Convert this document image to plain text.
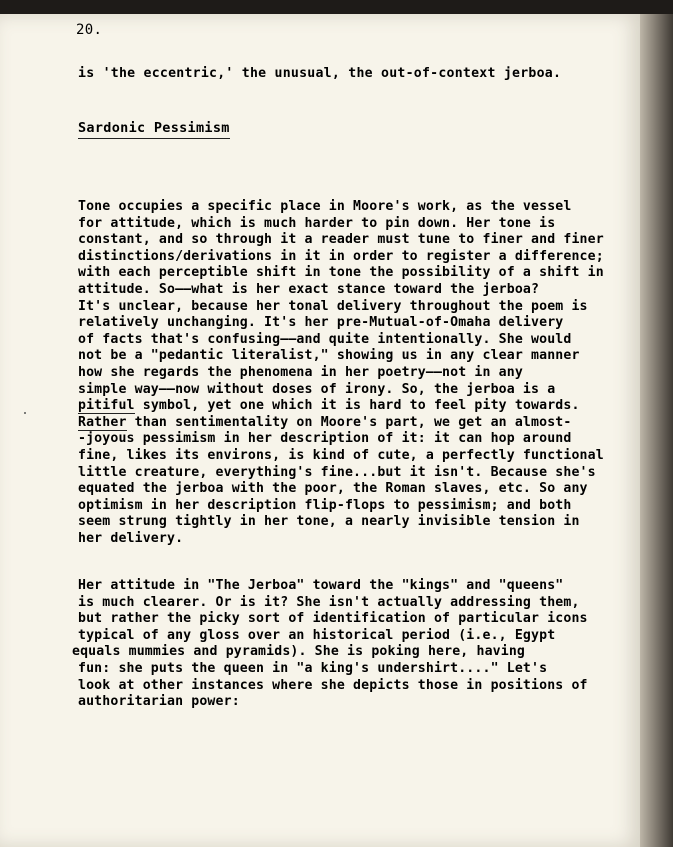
20.
is 'the eccentric,' the unusual, the out-of-context jerboa.
Sardonic Pessimism
Tone occupies a specific place in Moore's work, as the vessel
for attitude, which is much harder to pin down. Her tone is
constant, and so through it a reader must tune to finer and finer
distinctions/derivations in it in order to register a difference;
with each perceptible shift in tone the possibility of a shift in
attitude. So——what is her exact stance toward the jerboa?
It's unclear, because her tonal delivery throughout the poem is
relatively unchanging. It's her pre-Mutual-of-Omaha delivery
of facts that's confusing——and quite intentionally. She would
not be a "pedantic literalist," showing us in any clear manner
how she regards the phenomena in her poetry——not in any
simple way——now without doses of irony. So, the jerboa is a
pitiful symbol, yet one which it is hard to feel pity towards.
Rather than sentimentality on Moore's part, we get an almost-
-joyous pessimism in her description of it: it can hop around
fine, likes its environs, is kind of cute, a perfectly functional
little creature, everything's fine...but it isn't. Because she's
equated the jerboa with the poor, the Roman slaves, etc. So any
optimism in her description flip-flops to pessimism; and both
seem strung tightly in her tone, a nearly invisible tension in
her delivery.
Her attitude in "The Jerboa" toward the "kings" and "queens"
is much clearer. Or is it? She isn't actually addressing them,
but rather the picky sort of identification of particular icons
typical of any gloss over an historical period (i.e., Egypt
equals mummies and pyramids). She is poking here, having
fun: she puts the queen in "a king's undershirt...." Let's
look at other instances where she depicts those in positions of
authoritarian power:
